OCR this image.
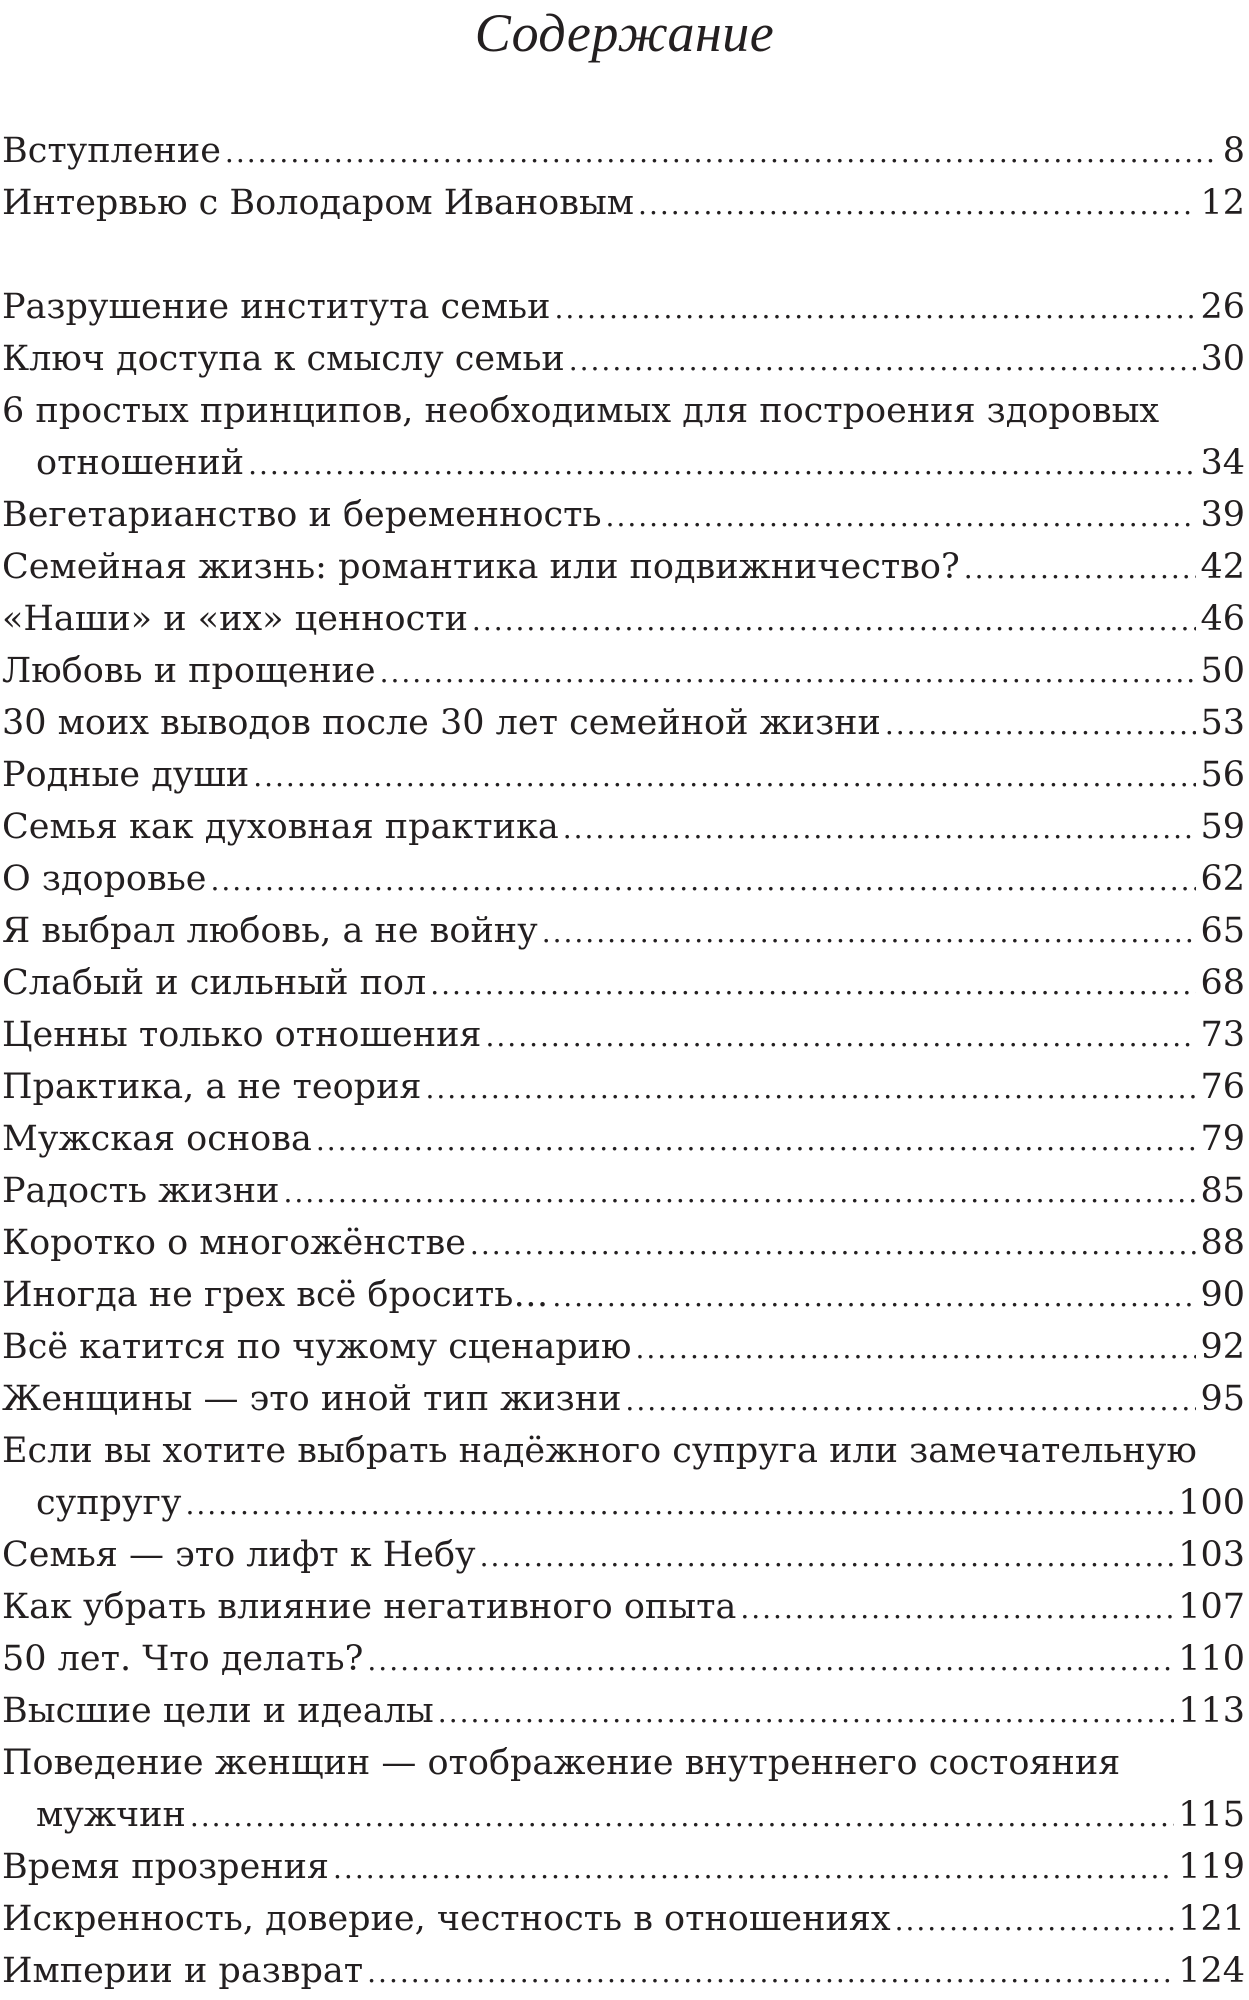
Содержание
Вступление .....	8
Интервью с Володаром Ивановым .....	12
Разрушение института семьи .....	26
Ключ доступа к смыслу семьи .....	30
6 простых принципов, необходимых для построения здоровых
отношений .....	34
Вегетарианство и беременность .....	39
Семейная жизнь: романтика или подвижничество? .....	42
«Наши» и «их» ценности .....	46
Любовь и прощение .....	50
30 моих выводов после 30 лет семейной жизни .....	53
Родные души .....	56
Семья как духовная практика .....	59
О здоровье .....	62
Я выбрал любовь, а не войну .....	65
Слабый и сильный пол .....	68
Ценны только отношения .....	73
Практика, а не теория .....	76
Мужская основа .....	79
Радость жизни .....	85
Коротко о многожёнстве .....	88
Иногда не грех всё бросить… .....	90
Всё катится по чужому сценарию .....	92
Женщины — это иной тип жизни .....	95
Если вы хотите выбрать надёжного супруга или замечательную
супругу .....	100
Семья — это лифт к Небу .....	103
Как убрать влияние негативного опыта .....	107
50 лет. Что делать? .....	110
Высшие цели и идеалы .....	113
Поведение женщин — отображение внутреннего состояния
мужчин .....	115
Время прозрения .....	119
Искренность, доверие, честность в отношениях .....	121
Империи и разврат .....	124
